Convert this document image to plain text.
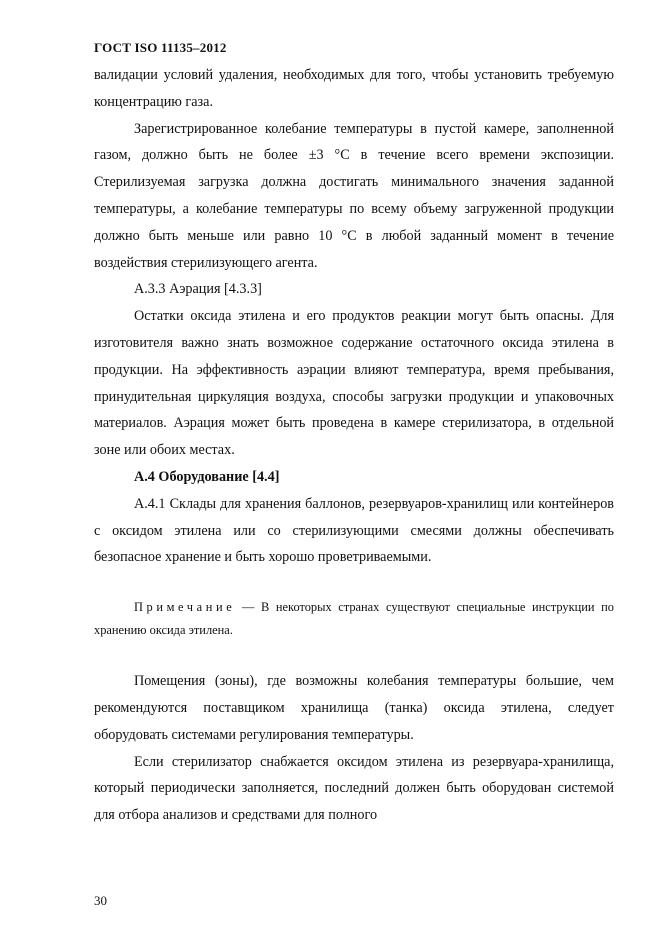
ГОСТ ISO 11135–2012

валидации условий удаления, необходимых для того, чтобы установить требуемую концентрацию газа.

Зарегистрированное колебание температуры в пустой камере, заполненной газом, должно быть не более ±3 °С в течение всего времени экспозиции. Стерилизуемая загрузка должна достигать минимального значения заданной температуры, а колебание температуры по всему объему загруженной продукции должно быть меньше или равно 10 °С в любой заданный момент в течение воздействия стерилизующего агента.

А.3.3 Аэрация [4.3.3]

Остатки оксида этилена и его продуктов реакции могут быть опасны. Для изготовителя важно знать возможное содержание остаточного оксида этилена в продукции. На эффективность аэрации влияют температура, время пребывания, принудительная циркуляция воздуха, способы загрузки продукции и упаковочных материалов. Аэрация может быть проведена в камере стерилизатора, в отдельной зоне или обоих местах.

А.4 Оборудование [4.4]

А.4.1 Склады для хранения баллонов, резервуаров-хранилищ или контейнеров с оксидом этилена или со стерилизующими смесями должны обеспечивать безопасное хранение и быть хорошо проветриваемыми.

Примечание — В некоторых странах существуют специальные инструкции по хранению оксида этилена.

Помещения (зоны), где возможны колебания температуры большие, чем рекомендуются поставщиком хранилища (танка) оксида этилена, следует оборудовать системами регулирования температуры.

Если стерилизатор снабжается оксидом этилена из резервуара-хранилища, который периодически заполняется, последний должен быть оборудован системой для отбора анализов и средствами для полного

30
